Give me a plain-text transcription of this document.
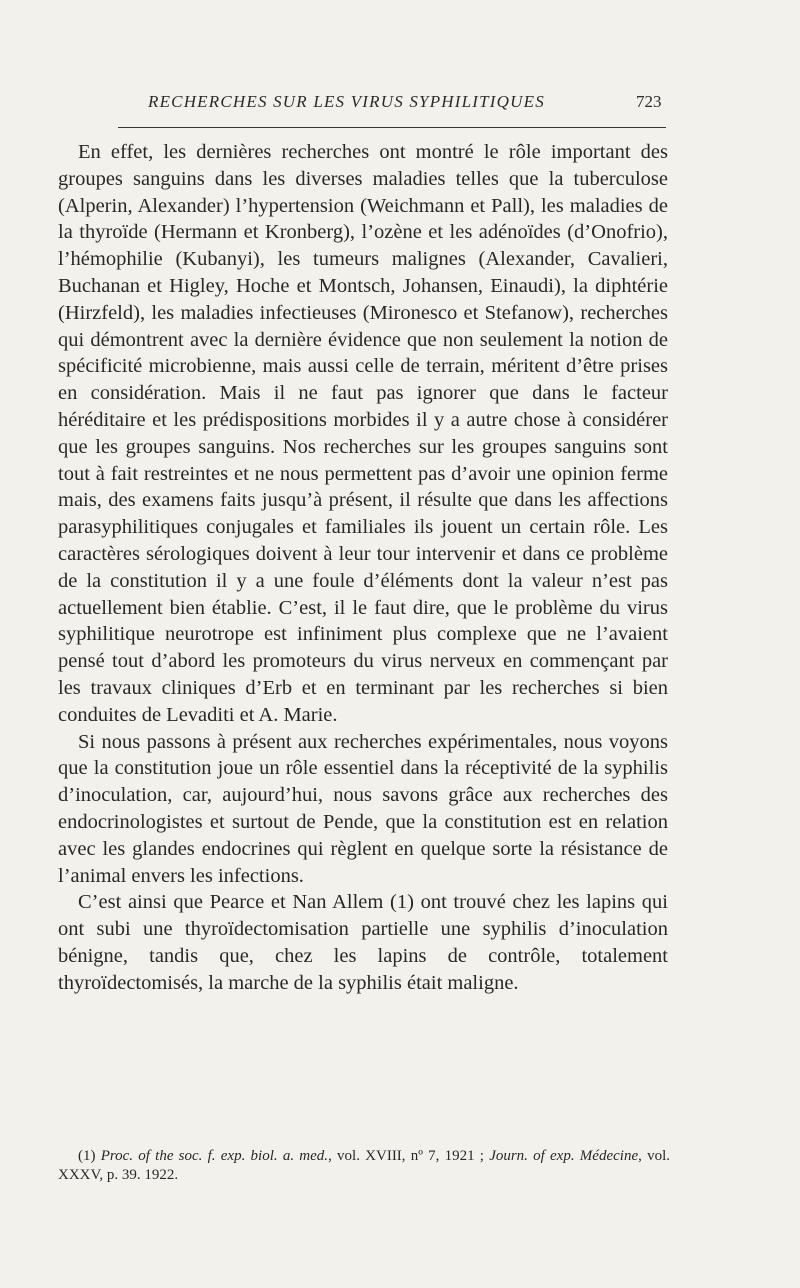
RECHERCHES SUR LES VIRUS SYPHILITIQUES	723

En effet, les dernières recherches ont montré le rôle important des groupes sanguins dans les diverses maladies telles que la tuberculose (Alperin, Alexander) l’hypertension (Weichmann et Pall), les maladies de la thyroïde (Hermann et Kronberg), l’ozène et les adénoïdes (d’Onofrio), l’hémophilie (Kubanyi), les tumeurs malignes (Alexander, Cavalieri, Buchanan et Higley, Hoche et Montsch, Johansen, Einaudi), la diphtérie (Hirzfeld), les maladies infectieuses (Mironesco et Stefanow), recherches qui démontrent avec la dernière évidence que non seulement la notion de spécificité microbienne, mais aussi celle de terrain, méritent d’être prises en considération. Mais il ne faut pas ignorer que dans le facteur héréditaire et les prédispositions morbides il y a autre chose à considérer que les groupes sanguins. Nos recherches sur les groupes sanguins sont tout à fait restreintes et ne nous permettent pas d’avoir une opinion ferme mais, des examens faits jusqu’à présent, il résulte que dans les affections parasyphilitiques conjugales et familiales ils jouent un certain rôle. Les caractères sérologiques doivent à leur tour intervenir et dans ce problème de la constitution il y a une foule d’éléments dont la valeur n’est pas actuellement bien établie. C’est, il le faut dire, que le problème du virus syphilitique neurotrope est infiniment plus complexe que ne l’avaient pensé tout d’abord les promoteurs du virus nerveux en commençant par les travaux cliniques d’Erb et en terminant par les recherches si bien conduites de Levaditi et A. Marie.

Si nous passons à présent aux recherches expérimentales, nous voyons que la constitution joue un rôle essentiel dans la réceptivité de la syphilis d’inoculation, car, aujourd’hui, nous savons grâce aux recherches des endocrinologistes et surtout de Pende, que la constitution est en relation avec les glandes endocrines qui règlent en quelque sorte la résistance de l’animal envers les infections.

C’est ainsi que Pearce et Nan Allem (1) ont trouvé chez les lapins qui ont subi une thyroïdectomisation partielle une syphilis d’inoculation bénigne, tandis que, chez les lapins de contrôle, totalement thyroïdectomisés, la marche de la syphilis était maligne.

(1) Proc. of the soc. f. exp. biol. a. med., vol. XVIII, nº 7, 1921 ; Journ. of exp. Médecine, vol. XXXV, p. 39. 1922.
